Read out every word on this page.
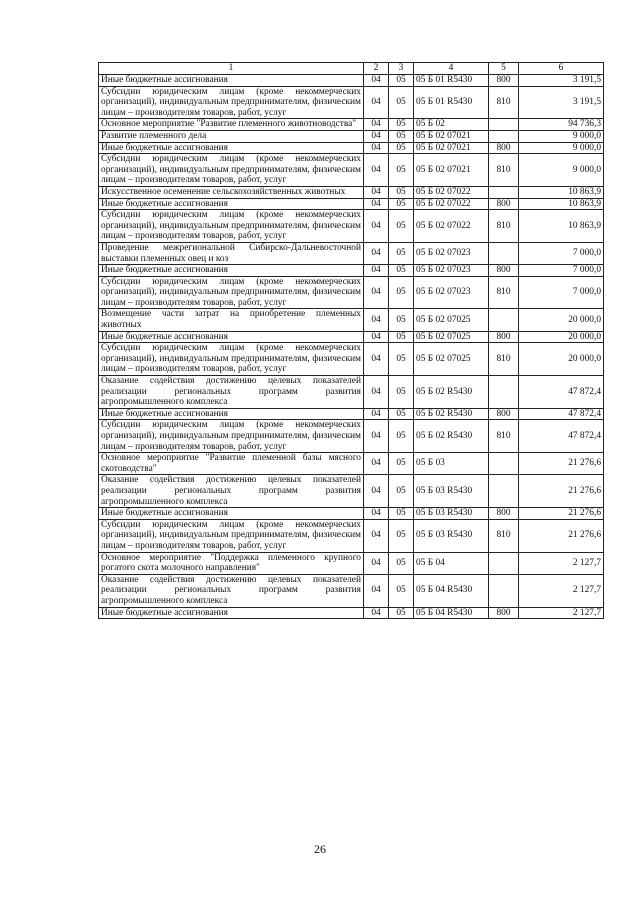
1	2	3	4	5	6
Иные бюджетные ассигнования	04	05	05 Б 01 R5430	800	3 191,5
Субсидии юридическим лицам (кроме некоммерческих организаций), индивидуальным предпринимателям, физическим лицам – производителям товаров, работ, услуг	04	05	05 Б 01 R5430	810	3 191,5
Основное мероприятие "Развитие племенного животноводства"	04	05	05 Б 02		94 736,3
Развитие племенного дела	04	05	05 Б 02 07021		9 000,0
Иные бюджетные ассигнования	04	05	05 Б 02 07021	800	9 000,0
Субсидии юридическим лицам (кроме некоммерческих организаций), индивидуальным предпринимателям, физическим лицам – производителям товаров, работ, услуг	04	05	05 Б 02 07021	810	9 000,0
Искусственное осеменение сельскохозяйственных животных	04	05	05 Б 02 07022		10 863,9
Иные бюджетные ассигнования	04	05	05 Б 02 07022	800	10 863,9
Субсидии юридическим лицам (кроме некоммерческих организаций), индивидуальным предпринимателям, физическим лицам – производителям товаров, работ, услуг	04	05	05 Б 02 07022	810	10 863,9
Проведение межрегиональной Сибирско-Дальневосточной выставки племенных овец и коз	04	05	05 Б 02 07023		7 000,0
Иные бюджетные ассигнования	04	05	05 Б 02 07023	800	7 000,0
Субсидии юридическим лицам (кроме некоммерческих организаций), индивидуальным предпринимателям, физическим лицам – производителям товаров, работ, услуг	04	05	05 Б 02 07023	810	7 000,0
Возмещение части затрат на приобретение племенных животных	04	05	05 Б 02 07025		20 000,0
Иные бюджетные ассигнования	04	05	05 Б 02 07025	800	20 000,0
Субсидии юридическим лицам (кроме некоммерческих организаций), индивидуальным предпринимателям, физическим лицам – производителям товаров, работ, услуг	04	05	05 Б 02 07025	810	20 000,0
Оказание содействия достижению целевых показателей реализации региональных программ развития агропромышленного комплекса	04	05	05 Б 02 R5430		47 872,4
Иные бюджетные ассигнования	04	05	05 Б 02 R5430	800	47 872,4
Субсидии юридическим лицам (кроме некоммерческих организаций), индивидуальным предпринимателям, физическим лицам – производителям товаров, работ, услуг	04	05	05 Б 02 R5430	810	47 872,4
Основное мероприятие "Развитие племенной базы мясного скотоводства"	04	05	05 Б 03		21 276,6
Оказание содействия достижению целевых показателей реализации региональных программ развития агропромышленного комплекса	04	05	05 Б 03 R5430		21 276,6
Иные бюджетные ассигнования	04	05	05 Б 03 R5430	800	21 276,6
Субсидии юридическим лицам (кроме некоммерческих организаций), индивидуальным предпринимателям, физическим лицам – производителям товаров, работ, услуг	04	05	05 Б 03 R5430	810	21 276,6
Основное мероприятие "Поддержка племенного крупного рогатого скота молочного направления"	04	05	05 Б 04		2 127,7
Оказание содействия достижению целевых показателей реализации региональных программ развития агропромышленного комплекса	04	05	05 Б 04 R5430		2 127,7
Иные бюджетные ассигнования	04	05	05 Б 04 R5430	800	2 127,7
26
